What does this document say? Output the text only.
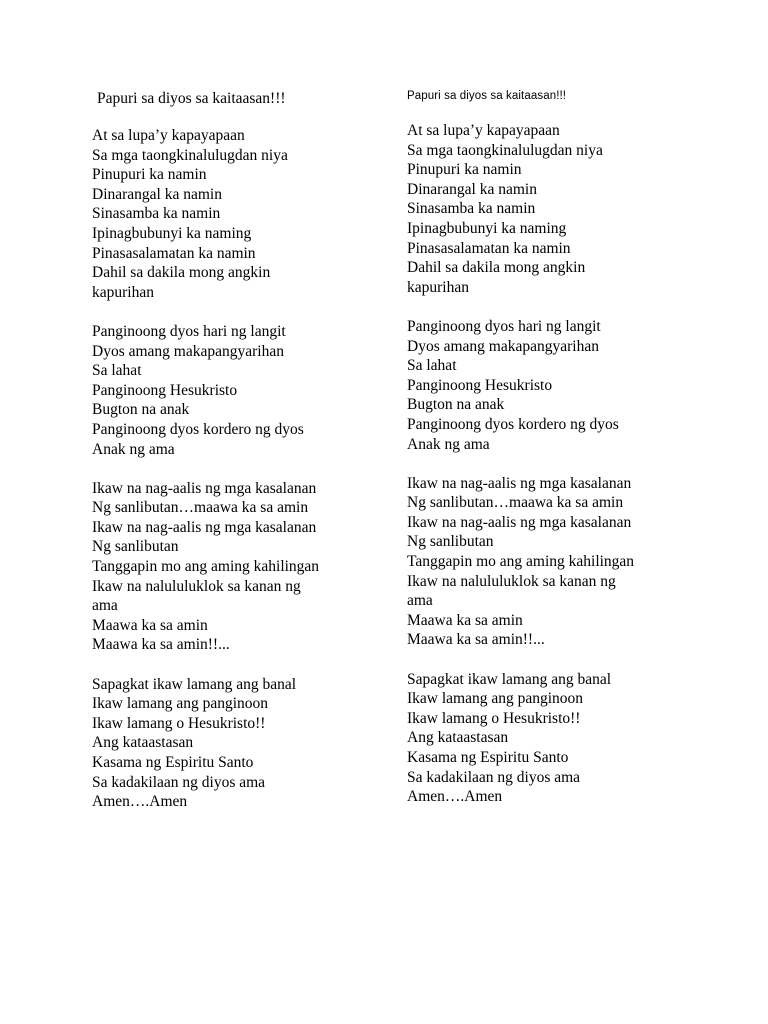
Papuri sa diyos sa kaitaasan!!!
At sa lupa’y kapayapaan
Sa mga taongkinalulugdan niya
Pinupuri ka namin
Dinarangal ka namin
Sinasamba ka namin
Ipinagbubunyi ka naming
Pinasasalamatan ka namin
Dahil sa dakila mong angkin
kapurihan
Panginoong dyos hari ng langit
Dyos amang makapangyarihan
Sa lahat
Panginoong Hesukristo
Bugton na anak
Panginoong dyos kordero ng dyos
Anak ng ama
Ikaw na nag-aalis ng mga kasalanan
Ng sanlibutan…maawa ka sa amin
Ikaw na nag-aalis ng mga kasalanan
Ng sanlibutan
Tanggapin mo ang aming kahilingan
Ikaw na nalululuklok sa kanan ng
ama
Maawa ka sa amin
Maawa ka sa amin!!...
Sapagkat ikaw lamang ang banal
Ikaw lamang ang panginoon
Ikaw lamang o Hesukristo!!
Ang kataastasan
Kasama ng Espiritu Santo
Sa kadakilaan ng diyos ama
Amen….Amen
Papuri sa diyos sa kaitaasan!!!
At sa lupa’y kapayapaan
Sa mga taongkinalulugdan niya
Pinupuri ka namin
Dinarangal ka namin
Sinasamba ka namin
Ipinagbubunyi ka naming
Pinasasalamatan ka namin
Dahil sa dakila mong angkin
kapurihan
Panginoong dyos hari ng langit
Dyos amang makapangyarihan
Sa lahat
Panginoong Hesukristo
Bugton na anak
Panginoong dyos kordero ng dyos
Anak ng ama
Ikaw na nag-aalis ng mga kasalanan
Ng sanlibutan…maawa ka sa amin
Ikaw na nag-aalis ng mga kasalanan
Ng sanlibutan
Tanggapin mo ang aming kahilingan
Ikaw na nalululuklok sa kanan ng
ama
Maawa ka sa amin
Maawa ka sa amin!!...
Sapagkat ikaw lamang ang banal
Ikaw lamang ang panginoon
Ikaw lamang o Hesukristo!!
Ang kataastasan
Kasama ng Espiritu Santo
Sa kadakilaan ng diyos ama
Amen….Amen
